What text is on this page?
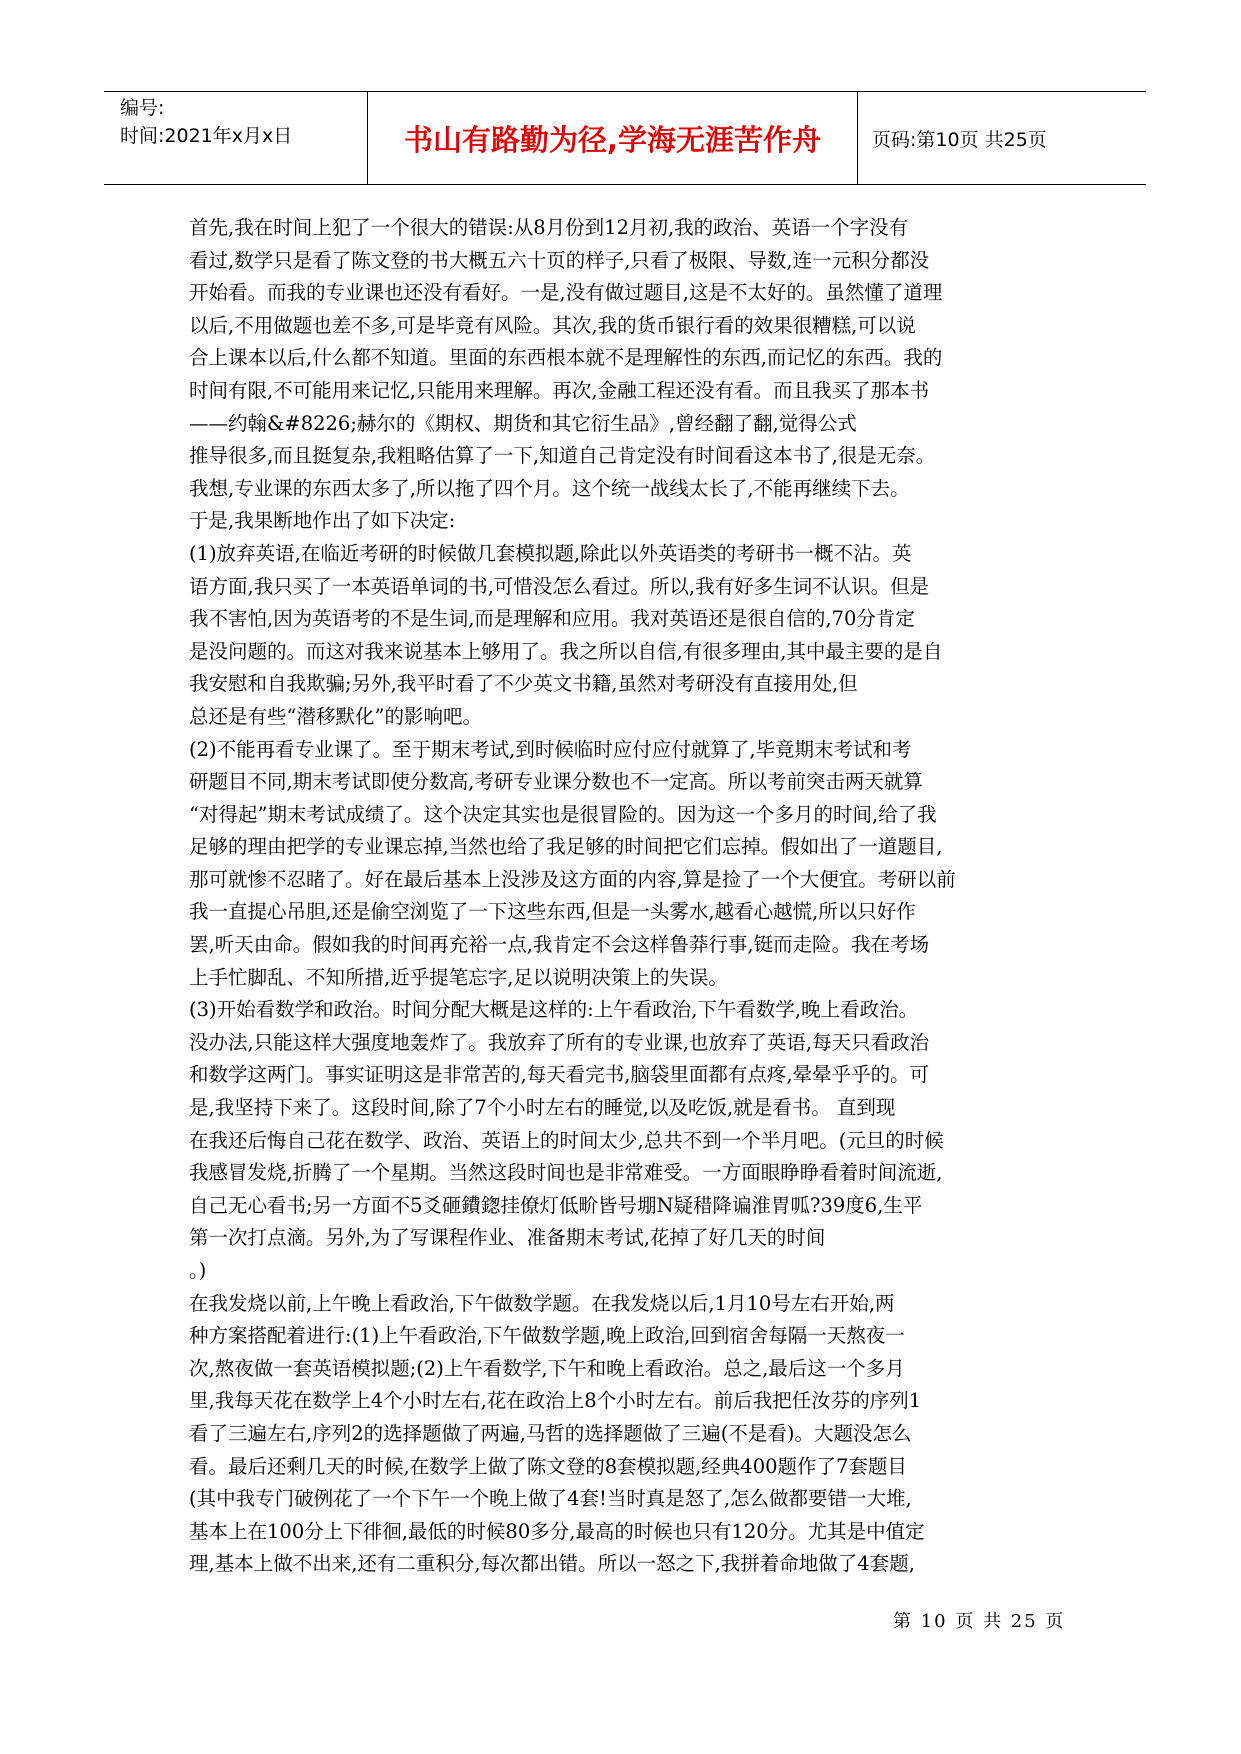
编号:
时间:2021年x月x日	书山有路勤为径,学海无涯苦作舟	页码:第10页 共25页

首先,我在时间上犯了一个很大的错误:从8月份到12月初,我的政治、英语一个字没有

看过,数学只是看了陈文登的书大概五六十页的样子,只看了极限、导数,连一元积分都没

开始看。而我的专业课也还没有看好。一是,没有做过题目,这是不太好的。虽然懂了道理

以后,不用做题也差不多,可是毕竟有风险。其次,我的货币银行看的效果很糟糕,可以说

合上课本以后,什么都不知道。里面的东西根本就不是理解性的东西,而记忆的东西。我的

时间有限,不可能用来记忆,只能用来理解。再次,金融工程还没有看。而且我买了那本书

——约翰&#8226;赫尔的《期权、期货和其它衍生品》,曾经翻了翻,觉得公式

推导很多,而且挺复杂,我粗略估算了一下,知道自己肯定没有时间看这本书了,很是无奈。

我想,专业课的东西太多了,所以拖了四个月。这个统一战线太长了,不能再继续下去。

于是,我果断地作出了如下决定:

(1)放弃英语,在临近考研的时候做几套模拟题,除此以外英语类的考研书一概不沾。英

语方面,我只买了一本英语单词的书,可惜没怎么看过。所以,我有好多生词不认识。但是

我不害怕,因为英语考的不是生词,而是理解和应用。我对英语还是很自信的,70分肯定

是没问题的。而这对我来说基本上够用了。我之所以自信,有很多理由,其中最主要的是自

我安慰和自我欺骗;另外,我平时看了不少英文书籍,虽然对考研没有直接用处,但

总还是有些“潜移默化”的影响吧。

(2)不能再看专业课了。至于期末考试,到时候临时应付应付就算了,毕竟期末考试和考

研题目不同,期末考试即使分数高,考研专业课分数也不一定高。所以考前突击两天就算

“对得起”期末考试成绩了。这个决定其实也是很冒险的。因为这一个多月的时间,给了我

足够的理由把学的专业课忘掉,当然也给了我足够的时间把它们忘掉。假如出了一道题目,

那可就惨不忍睹了。好在最后基本上没涉及这方面的内容,算是捡了一个大便宜。考研以前

我一直提心吊胆,还是偷空浏览了一下这些东西,但是一头雾水,越看心越慌,所以只好作

罢,听天由命。假如我的时间再充裕一点,我肯定不会这样鲁莽行事,铤而走险。我在考场

上手忙脚乱、不知所措,近乎提笔忘字,足以说明决策上的失误。

(3)开始看数学和政治。时间分配大概是这样的:上午看政治,下午看数学,晚上看政治。

没办法,只能这样大强度地轰炸了。我放弃了所有的专业课,也放弃了英语,每天只看政治

和数学这两门。事实证明这是非常苦的,每天看完书,脑袋里面都有点疼,晕晕乎乎的。可

是,我坚持下来了。这段时间,除了7个小时左右的睡觉,以及吃饭,就是看书。 直到现

在我还后悔自己花在数学、政治、英语上的时间太少,总共不到一个半月吧。(元旦的时候

我感冒发烧,折腾了一个星期。当然这段时间也是非常难受。一方面眼睁睁看着时间流逝,

自己无心看书;另一方面不5爻砸鐨鍯挂僚灯低畍皆号堋N疑稓降谝淮胃呱?39度6,生平

第一次打点滴。另外,为了写课程作业、准备期末考试,花掉了好几天的时间

。)

在我发烧以前,上午晚上看政治,下午做数学题。在我发烧以后,1月10号左右开始,两

种方案搭配着进行:(1)上午看政治,下午做数学题,晚上政治,回到宿舍每隔一天熬夜一

次,熬夜做一套英语模拟题;(2)上午看数学,下午和晚上看政治。总之,最后这一个多月

里,我每天花在数学上4个小时左右,花在政治上8个小时左右。前后我把任汝芬的序列1

看了三遍左右,序列2的选择题做了两遍,马哲的选择题做了三遍(不是看)。大题没怎么

看。最后还剩几天的时候,在数学上做了陈文登的8套模拟题,经典400题作了7套题目

(其中我专门破例花了一个下午一个晚上做了4套!当时真是怒了,怎么做都要错一大堆,

基本上在100分上下徘徊,最低的时候80多分,最高的时候也只有120分。尤其是中值定

理,基本上做不出来,还有二重积分,每次都出错。所以一怒之下,我拼着命地做了4套题,

第 10 页 共 25 页
